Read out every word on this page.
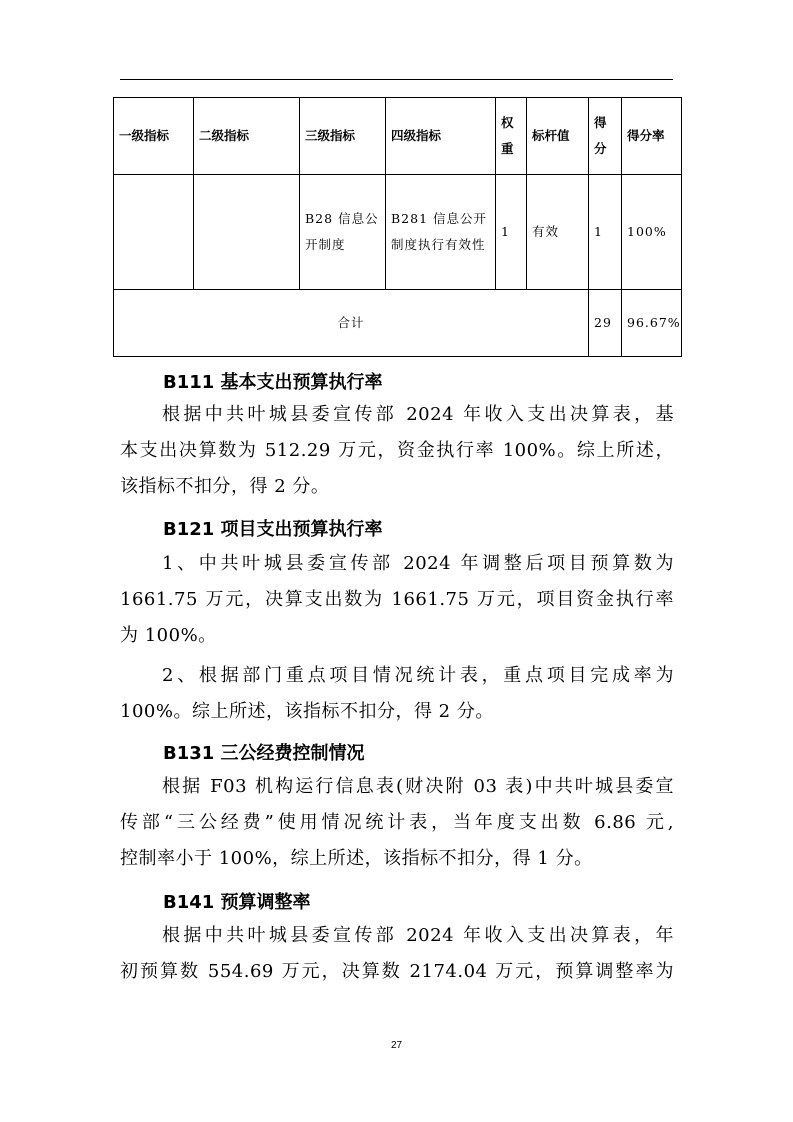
一级指标	二级指标	三级指标	四级指标	权重	标杆值	得分	得分率
		B28 信息公开制度	B281 信息公开制度执行有效性	1	有效	1	100%
合计						29	96.67%
B111 基本支出预算执行率
根据中共叶城县委宣传部 2024 年收入支出决算表，基
本支出决算数为 512.29 万元，资金执行率 100%。综上所述，
该指标不扣分，得 2 分。
B121 项目支出预算执行率
1、中共叶城县委宣传部 2024 年调整后项目预算数为
1661.75 万元，决算支出数为 1661.75 万元，项目资金执行率
为 100%。
2、根据部门重点项目情况统计表，重点项目完成率为
100%。综上所述，该指标不扣分，得 2 分。
B131 三公经费控制情况
根据 F03 机构运行信息表(财决附 03 表)中共叶城县委宣
传部“三公经费”使用情况统计表，当年度支出数 6.86 元,
控制率小于 100%，综上所述，该指标不扣分，得 1 分。
B141 预算调整率
根据中共叶城县委宣传部 2024 年收入支出决算表，年
初预算数 554.69 万元，决算数 2174.04 万元，预算调整率为
27
